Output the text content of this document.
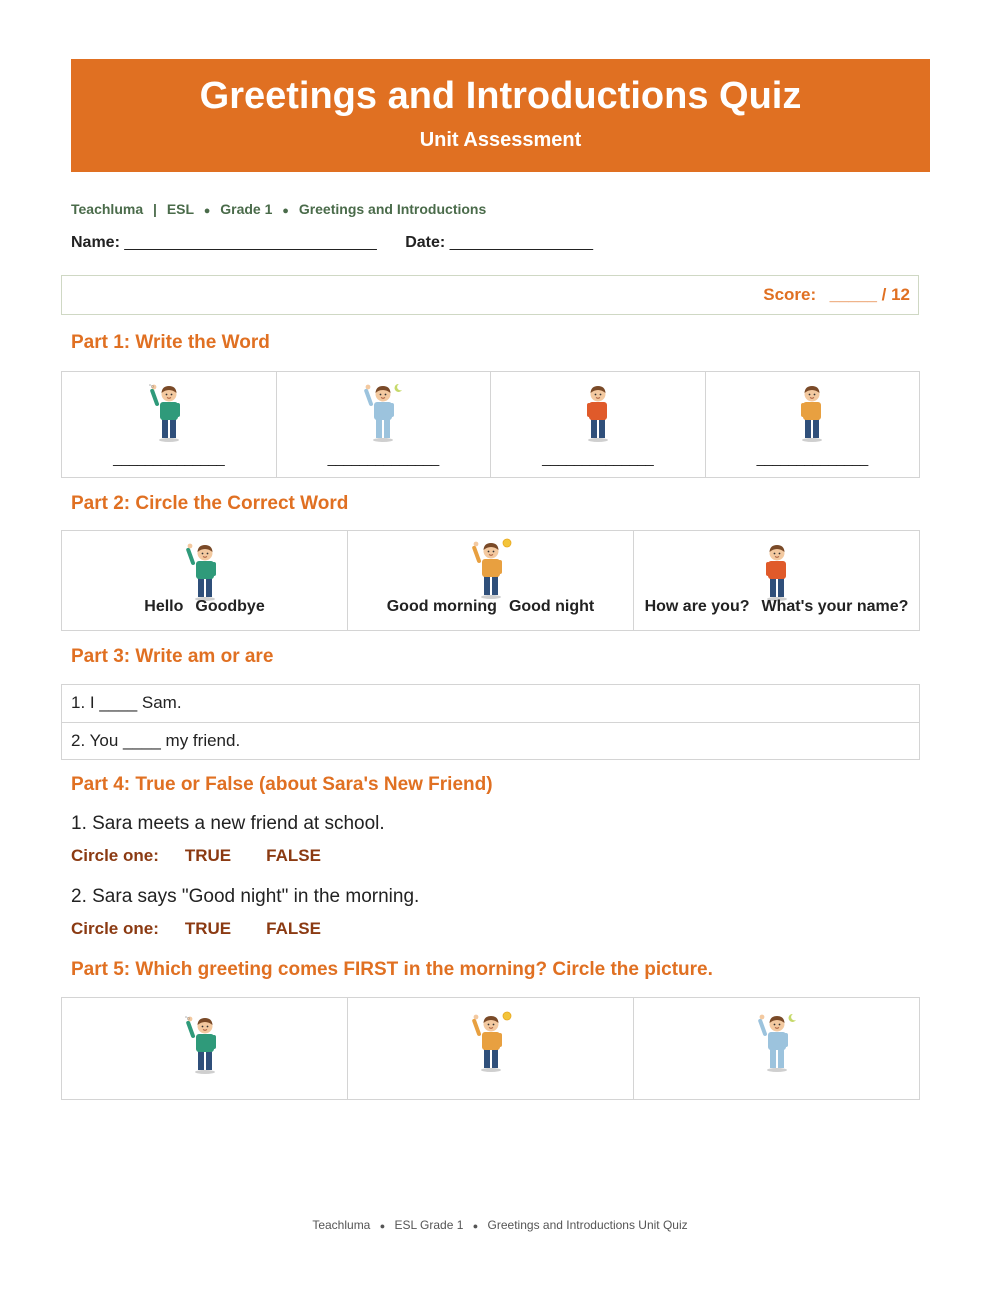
Greetings and Introductions Quiz
Unit Assessment
Teachluma | ESL ● Grade 1 ● Greetings and Introductions
Name: ______________________________ Date: _________________
Score: _____ / 12
Part 1: Write the Word
°o
______________	______________	______________	______________
Part 2: Circle the Correct Word
Hello Goodbye	Good morning Good night	How are you? What's your name?
Part 3: Write am or are
1. I ____ Sam.
2. You ____ my friend.
Part 4: True or False (about Sara's New Friend)
1. Sara meets a new friend at school.
Circle one: TRUE FALSE
2. Sara says "Good night" in the morning.
Circle one: TRUE FALSE
Part 5: Which greeting comes FIRST in the morning? Circle the picture.
°o
Teachluma ● ESL Grade 1 ● Greetings and Introductions Unit Quiz
